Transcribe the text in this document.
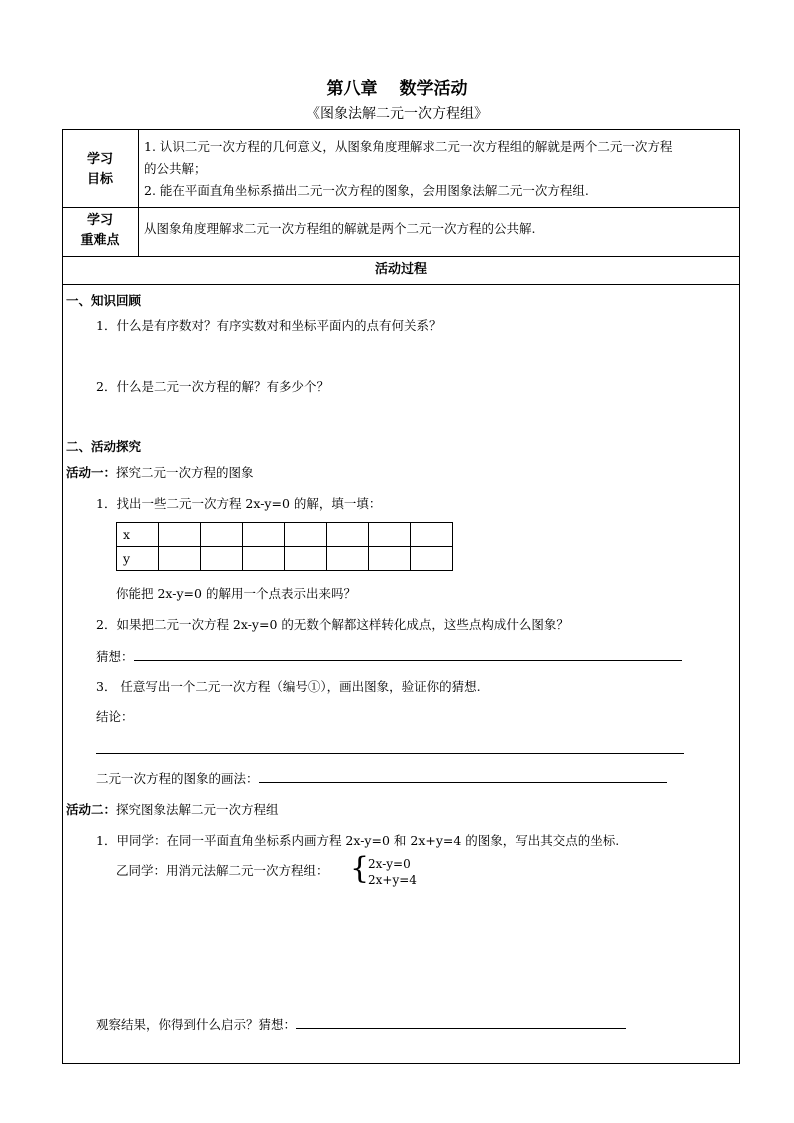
第八章 数学活动
《图象法解二元一次方程组》
学习
目标
1. 认识二元一次方程的几何意义，从图象角度理解求二元一次方程组的解就是两个二元一次方程
的公共解；
2. 能在平面直角坐标系描出二元一次方程的图象，会用图象法解二元一次方程组.
学习
重难点
从图象角度理解求二元一次方程组的解就是两个二元一次方程的公共解.
活动过程
一、知识回顾
1．什么是有序数对？有序实数对和坐标平面内的点有何关系？
2．什么是二元一次方程的解？有多少个？
二、活动探究
活动一：探究二元一次方程的图象
1．找出一些二元一次方程 2x-y=0 的解，填一填：
x							
y							
你能把 2x-y=0 的解用一个点表示出来吗？
2．如果把二元一次方程 2x-y=0 的无数个解都这样转化成点，这些点构成什么图象？
猜想：
3． 任意写出一个二元一次方程（编号①），画出图象，验证你的猜想.
结论：
二元一次方程的图象的画法：
活动二：探究图象法解二元一次方程组
1．甲同学：在同一平面直角坐标系内画方程 2x-y=0 和 2x+y=4 的图象，写出其交点的坐标.
乙同学：用消元法解二元一次方程组： {
2x-y=0
2x+y=4
观察结果，你得到什么启示？猜想：
